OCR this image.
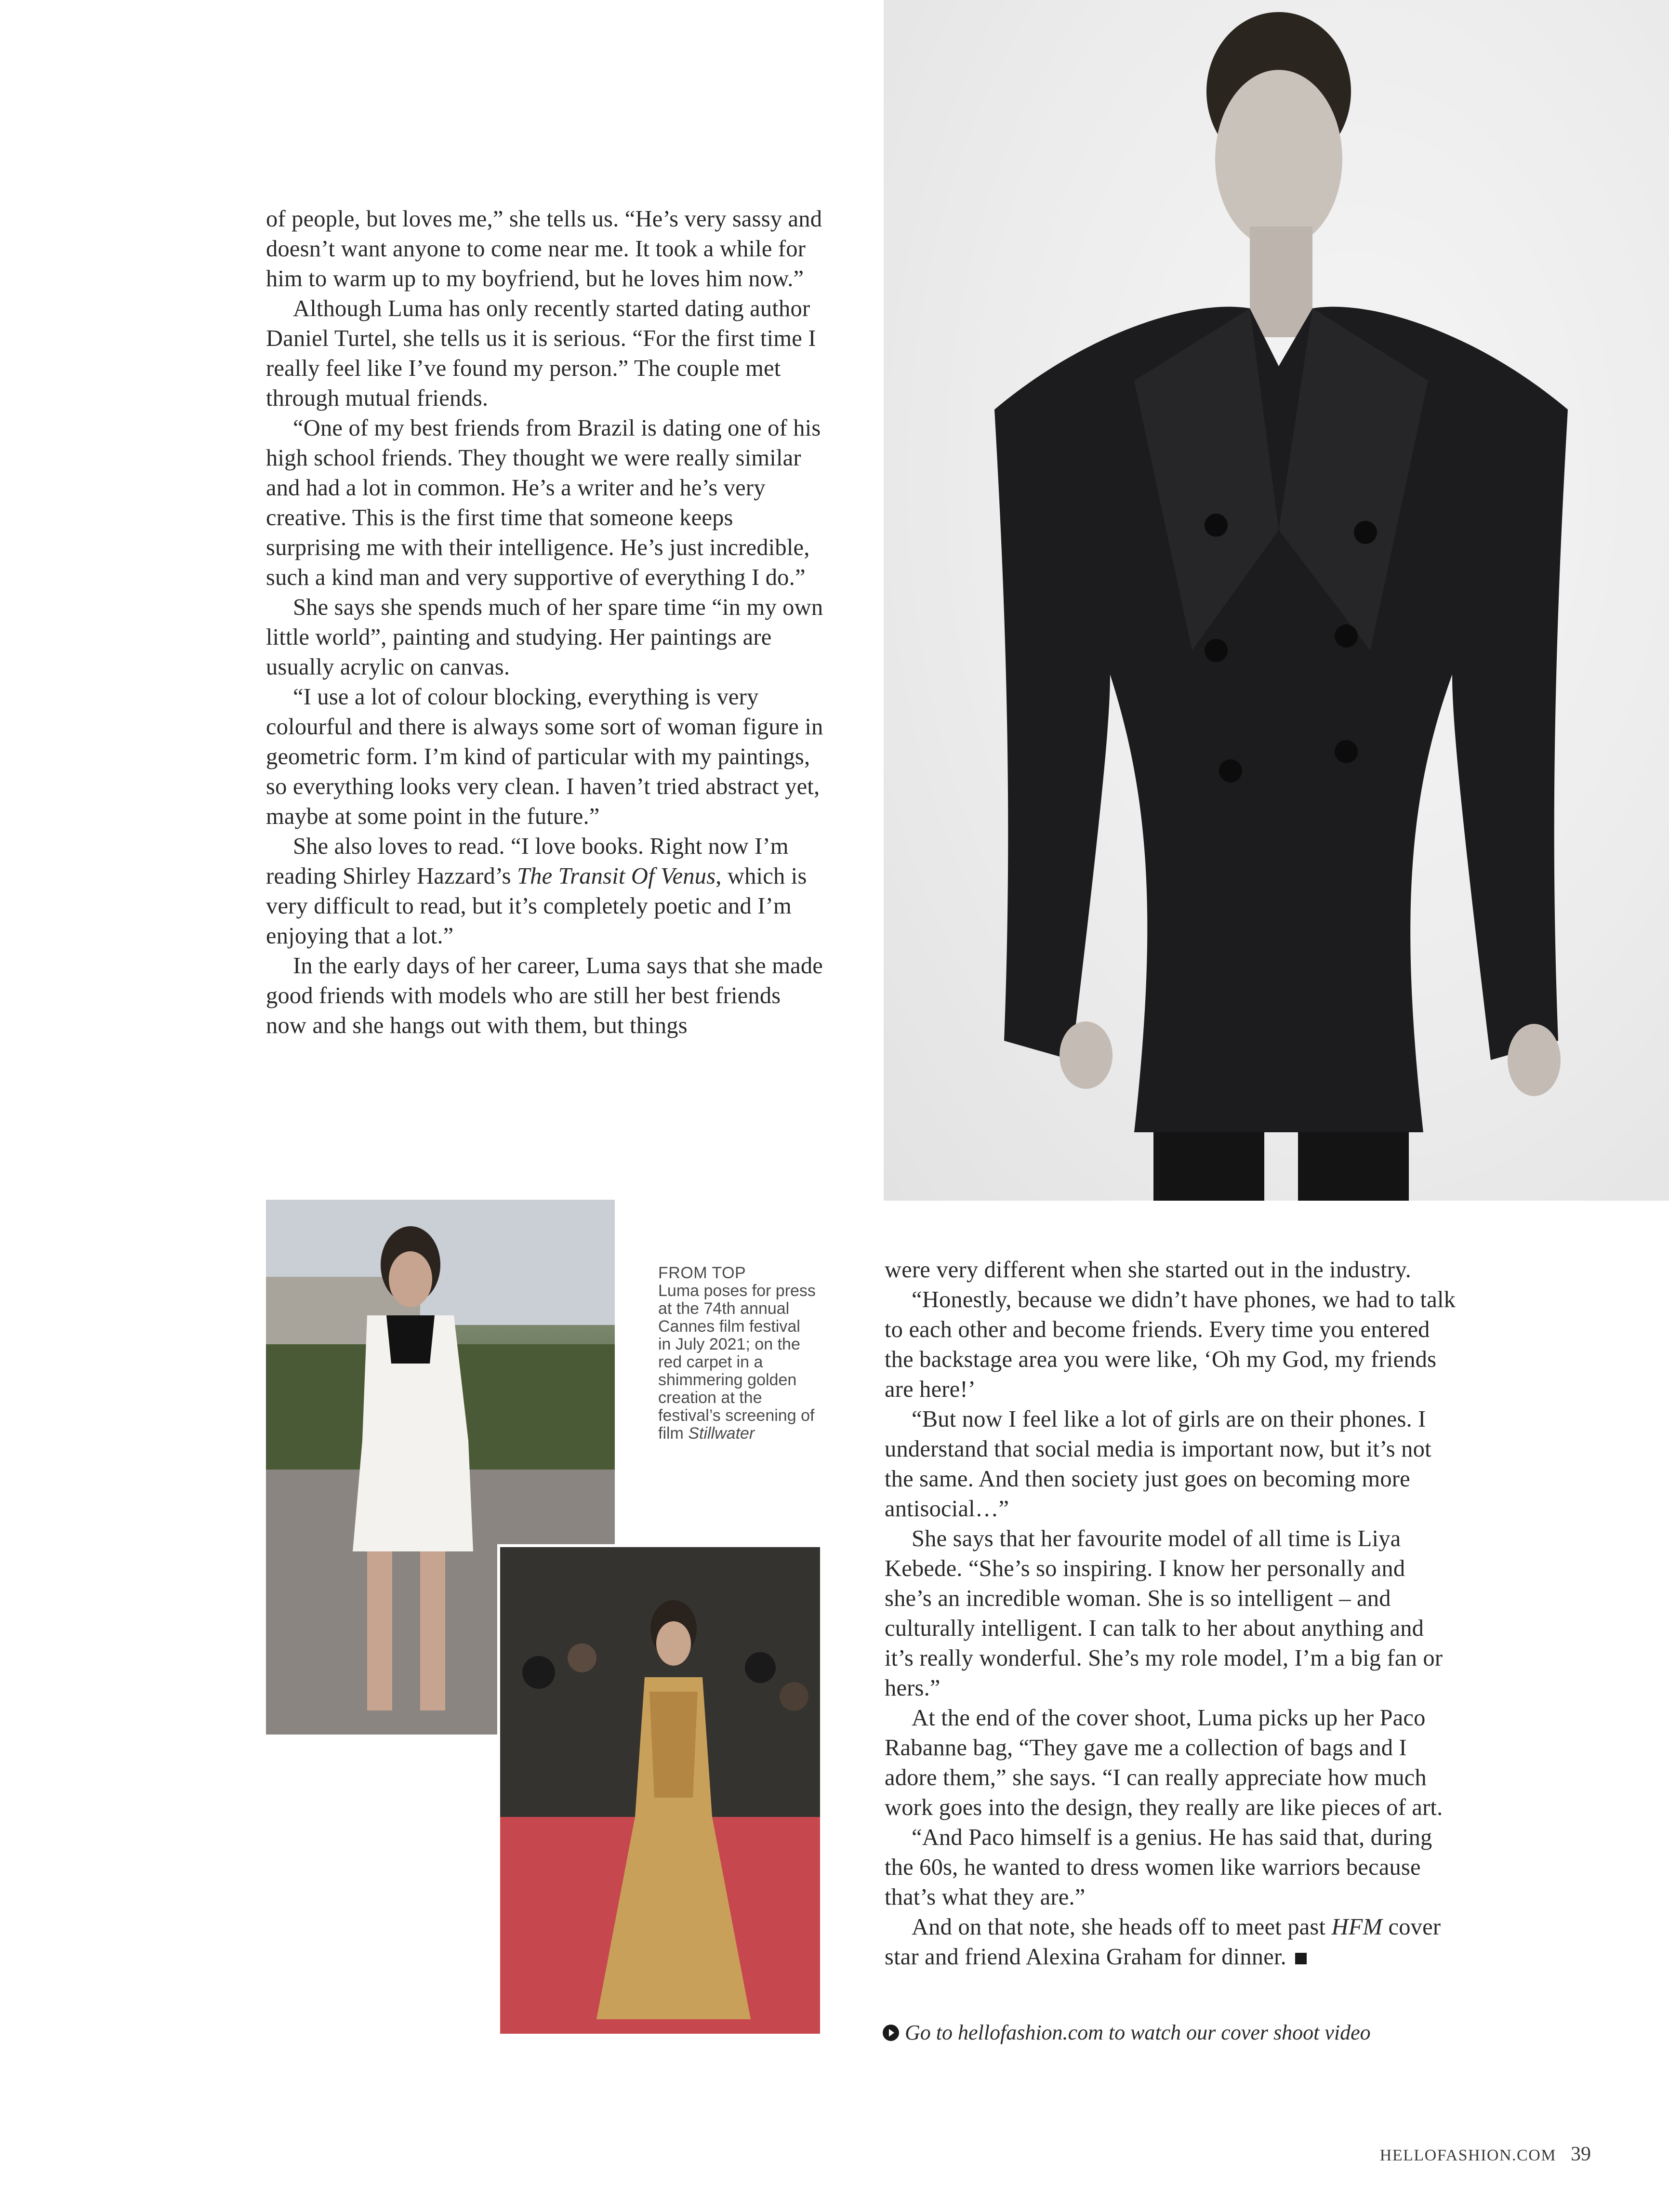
of people, but loves me,” she tells us. “He’s very sassy and doesn’t want anyone to come near me. It took a while for him to warm up to my boyfriend, but he loves him now.”

Although Luma has only recently started dating author Daniel Turtel, she tells us it is serious. “For the first time I really feel like I’ve found my person.” The couple met through mutual friends.

“One of my best friends from Brazil is dating one of his high school friends. They thought we were really similar and had a lot in common. He’s a writer and he’s very creative. This is the first time that someone keeps surprising me with their intelligence. He’s just incredible, such a kind man and very supportive of everything I do.”

She says she spends much of her spare time “in my own little world”, painting and studying. Her paintings are usually acrylic on canvas.

“I use a lot of colour blocking, everything is very colourful and there is always some sort of woman figure in geometric form. I’m kind of particular with my paintings, so everything looks very clean. I haven’t tried abstract yet, maybe at some point in the future.”

She also loves to read. “I love books. Right now I’m reading Shirley Hazzard’s The Transit Of Venus, which is very difficult to read, but it’s completely poetic and I’m enjoying that a lot.”

In the early days of her career, Luma says that she made good friends with models who are still her best friends now and she hangs out with them, but things

FROM TOP
Luma poses for press at the 74th annual Cannes film festival in July 2021; on the red carpet in a shimmering golden creation at the festival’s screening of film Stillwater

were very different when she started out in the industry.

“Honestly, because we didn’t have phones, we had to talk to each other and become friends. Every time you entered the backstage area you were like, ‘Oh my God, my friends are here!’

“But now I feel like a lot of girls are on their phones. I understand that social media is important now, but it’s not the same. And then society just goes on becoming more antisocial…”

She says that her favourite model of all time is Liya Kebede. “She’s so inspiring. I know her personally and she’s an incredible woman. She is so intelligent – and culturally intelligent. I can talk to her about anything and it’s really wonderful. She’s my role model, I’m a big fan or hers.”

At the end of the cover shoot, Luma picks up her Paco Rabanne bag, “They gave me a collection of bags and I adore them,” she says. “I can really appreciate how much work goes into the design, they really are like pieces of art.

“And Paco himself is a genius. He has said that, during the 60s, he wanted to dress women like warriors because that’s what they are.”

And on that note, she heads off to meet past HFM cover star and friend Alexina Graham for dinner.

Go to hellofashion.com to watch our cover shoot video
HELLOFASHION.COM 39
